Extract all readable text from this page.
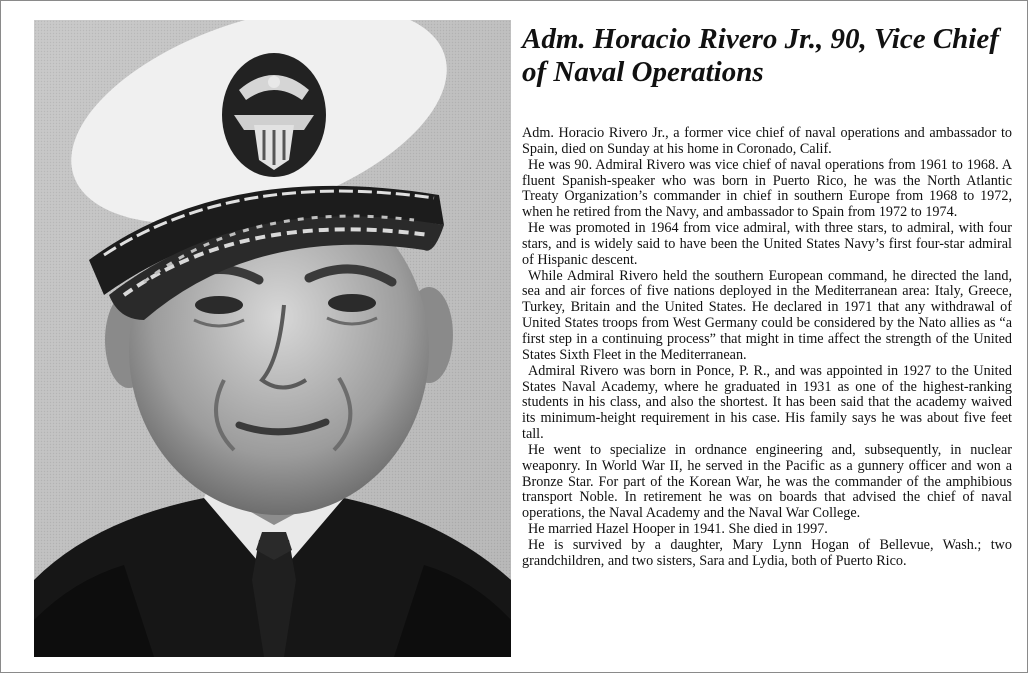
Adm. Horacio Rivero Jr., 90, Vice Chief of Naval Operations

Adm. Horacio Rivero Jr., a former vice chief of naval operations and ambassador to Spain, died on Sunday at his home in Coronado, Calif.

He was 90. Admiral Rivero was vice chief of naval operations from 1961 to 1968. A fluent Spanish-speaker who was born in Puerto Rico, he was the North Atlantic Treaty Organization’s commander in chief in southern Europe from 1968 to 1972, when he retired from the Navy, and ambassador to Spain from 1972 to 1974.

He was promoted in 1964 from vice admiral, with three stars, to admiral, with four stars, and is widely said to have been the United States Navy’s first four-star admiral of Hispanic descent.

While Admiral Rivero held the southern European command, he directed the land, sea and air forces of five nations deployed in the Mediterranean area: Italy, Greece, Turkey, Britain and the United States. He declared in 1971 that any withdrawal of United States troops from West Germany could be considered by the Nato allies as “a first step in a continuing process” that might in time affect the strength of the United States Sixth Fleet in the Mediterranean.

Admiral Rivero was born in Ponce, P. R., and was appointed in 1927 to the United States Naval Academy, where he graduated in 1931 as one of the highest-ranking students in his class, and also the shortest. It has been said that the academy waived its minimum-height requirement in his case. His family says he was about five feet tall.

He went to specialize in ordnance engineering and, subsequently, in nuclear weaponry. In World War II, he served in the Pacific as a gunnery officer and won a Bronze Star. For part of the Korean War, he was the commander of the amphibious transport Noble. In retirement he was on boards that advised the chief of naval operations, the Naval Academy and the Naval War College.

He married Hazel Hooper in 1941. She died in 1997.

He is survived by a daughter, Mary Lynn Hogan of Bellevue, Wash.; two grandchildren, and two sisters, Sara and Lydia, both of Puerto Rico.
